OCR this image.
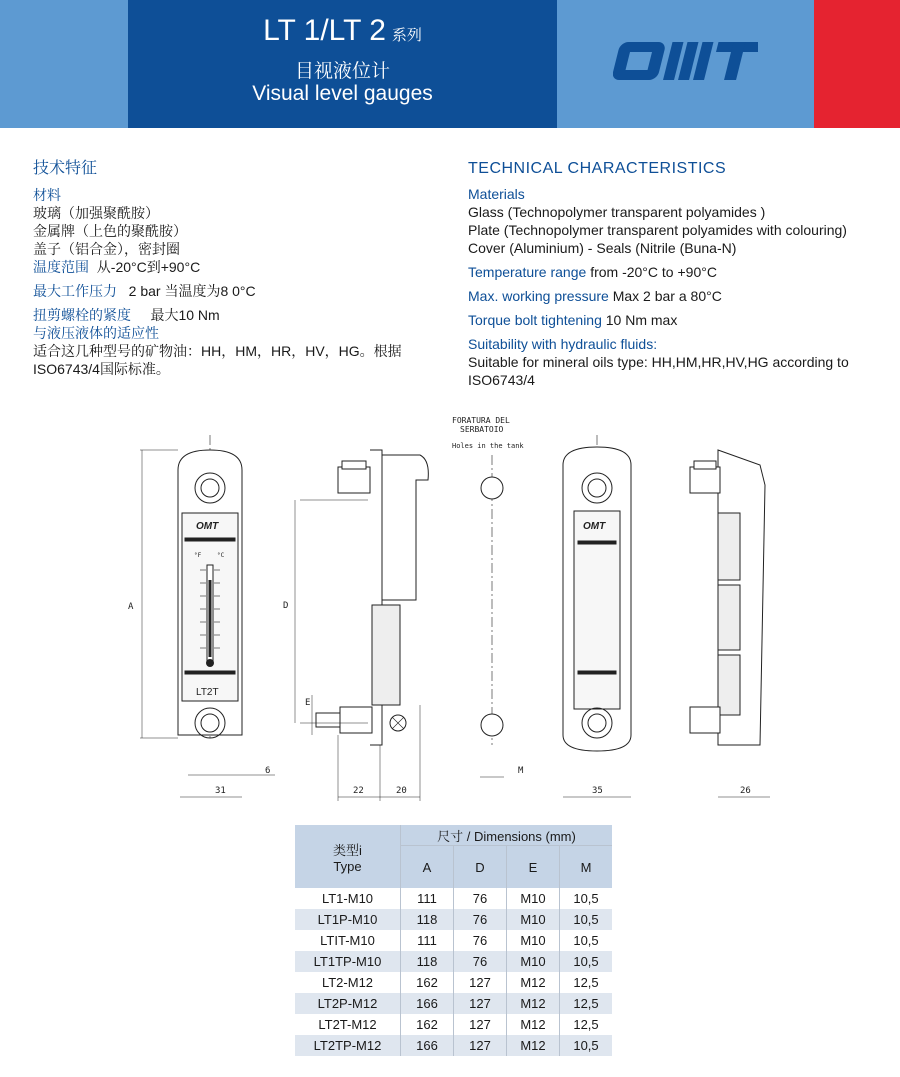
LT 1/LT 2 系列
目视液位计
Visual level gauges
技术特征
材料
玻璃（加强聚酰胺）
金属牌（上色的聚酰胺）
盖子（铝合金），密封圈
温度范围 从-20°C到+90°C
最大工作压力 2 bar 当温度为8 0°C
扭剪螺栓的紧度 最大10 Nm
与液压液体的适应性
适合这几种型号的矿物油：HH，HM，HR，HV，HG。根据ISO6743/4国际标准。
TECHNICAL CHARACTERISTICS
Materials
Glass (Technopolymer transparent polyamides )
Plate (Technopolymer transparent polyamides with colouring)
Cover (Aluminium) - Seals (Nitrile (Buna-N)
Temperature range from -20°C to +90°C
Max. working pressure Max 2 bar a 80°C
Torque bolt tightening 10 Nm max
Suitability with hydraulic fluids:
Suitable for mineral oils type: HH,HM,HR,HV,HG according to ISO6743/4
OMT
°F	°C
LT2T
A
6
31
D
E
22	20
FORATURA DEL
SERBATOIO
Holes in the tank
M
OMT
35	26
类型i
Type	尺寸 / Dimensions (mm)			
	A	D	E	M
LT1-M10	111	76	M10	10,5
LT1P-M10	118	76	M10	10,5
LTIT-M10	111	76	M10	10,5
LT1TP-M10	118	76	M10	10,5
LT2-M12	162	127	M12	12,5
LT2P-M12	166	127	M12	12,5
LT2T-M12	162	127	M12	12,5
LT2TP-M12	166	127	M12	10,5
